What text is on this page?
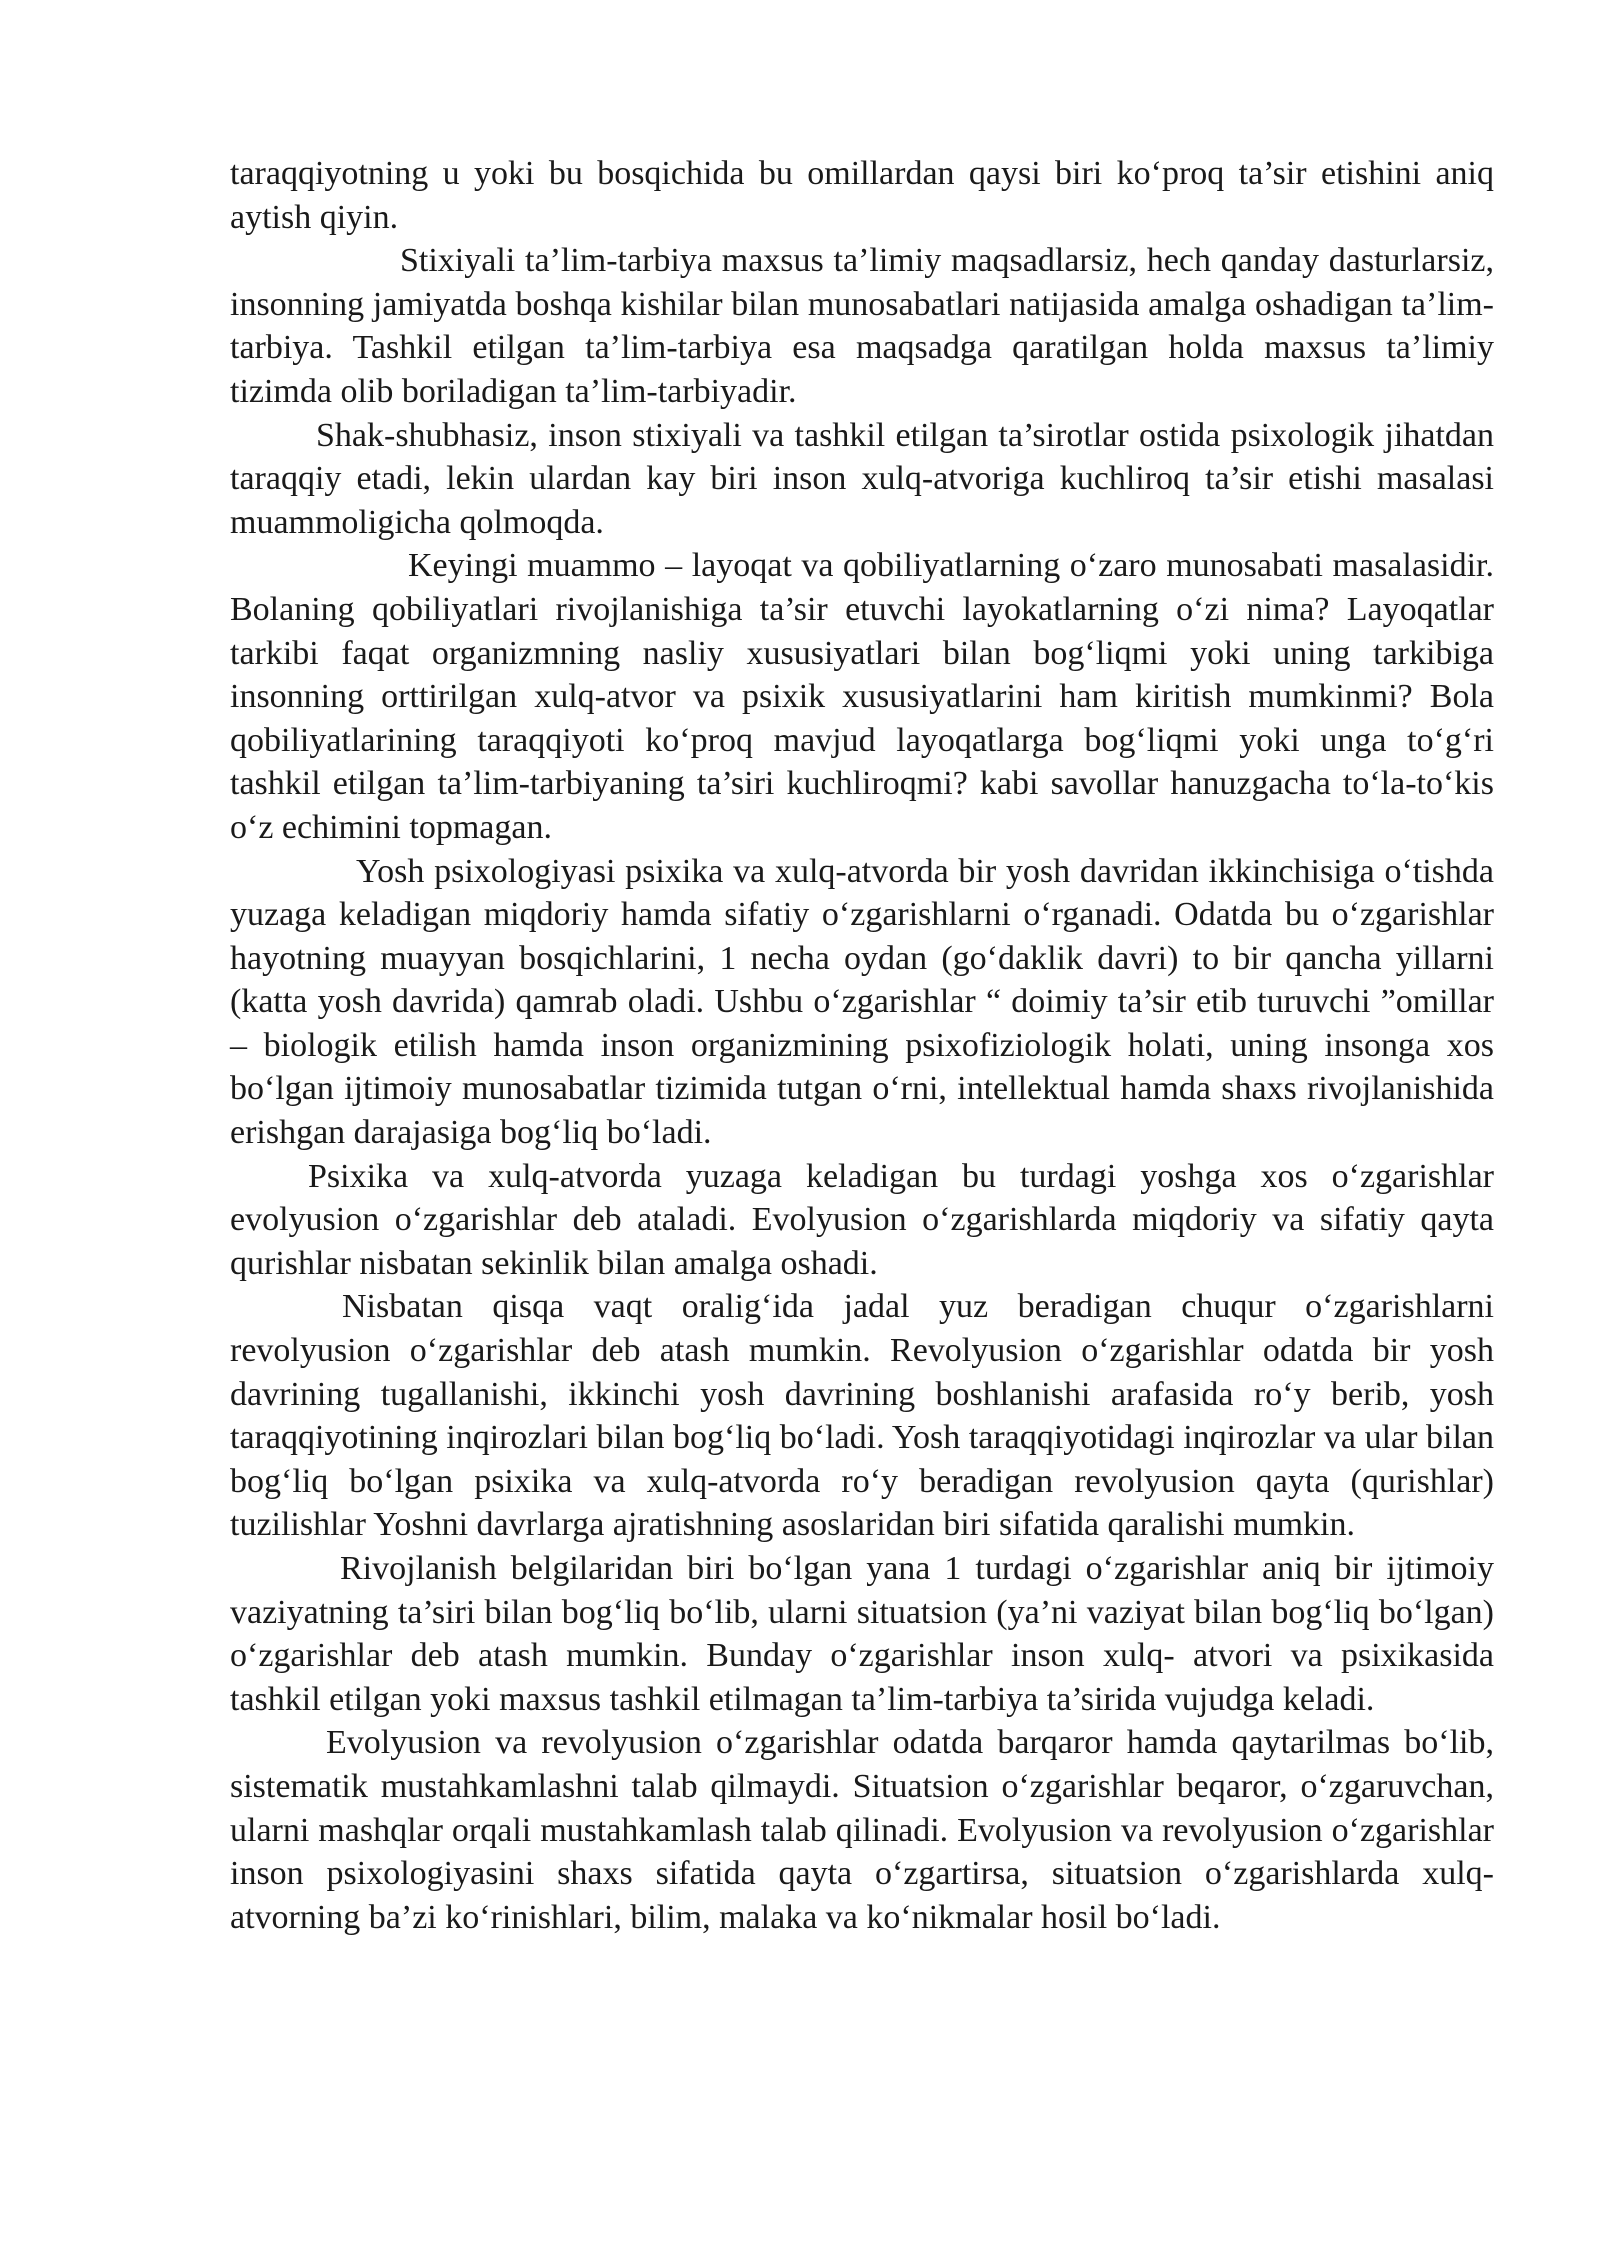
taraqqiyotning u yoki bu bosqichida bu omillardan qaysi biri ko‘proq ta’sir etishini aniq aytish qiyin.

Stixiyali ta’lim-tarbiya maxsus ta’limiy maqsadlarsiz, hech qanday dasturlarsiz, insonning jamiyatda boshqa kishilar bilan munosabatlari natijasida amalga oshadigan ta’lim-tarbiya. Tashkil etilgan ta’lim-tarbiya esa maqsadga qaratilgan holda maxsus ta’limiy tizimda olib boriladigan ta’lim-tarbiyadir.

Shak-shubhasiz, inson stixiyali va tashkil etilgan ta’sirotlar ostida psixologik jihatdan taraqqiy etadi, lekin ulardan kay biri inson xulq-atvoriga kuchliroq ta’sir etishi masalasi muammoligicha qolmoqda.

Keyingi muammo – layoqat va qobiliyatlarning o‘zaro munosabati masalasidir. Bolaning qobiliyatlari rivojlanishiga ta’sir etuvchi layokatlarning o‘zi nima? Layoqatlar tarkibi faqat organizmning nasliy xususiyatlari bilan bog‘liqmi yoki uning tarkibiga insonning orttirilgan xulq-atvor va psixik xususiyatlarini ham kiritish mumkinmi? Bola qobiliyatlarining taraqqiyoti ko‘proq mavjud layoqatlarga bog‘liqmi yoki unga to‘g‘ri tashkil etilgan ta’lim-tarbiyaning ta’siri kuchliroqmi? kabi savollar hanuzgacha to‘la-to‘kis o‘z echimini topmagan.

Yosh psixologiyasi psixika va xulq-atvorda bir yosh davridan ikkinchisiga o‘tishda yuzaga keladigan miqdoriy hamda sifatiy o‘zgarishlarni o‘rganadi. Odatda bu o‘zgarishlar hayotning muayyan bosqichlarini, 1 necha oydan (go‘daklik davri) to bir qancha yillarni (katta yosh davrida) qamrab oladi. Ushbu o‘zgarishlar “ doimiy ta’sir etib turuvchi ”omillar – biologik etilish hamda inson organizmining psixofiziologik holati, uning insonga xos bo‘lgan ijtimoiy munosabatlar tizimida tutgan o‘rni, intellektual hamda shaxs rivojlanishida erishgan darajasiga bog‘liq bo‘ladi.

Psixika va xulq-atvorda yuzaga keladigan bu turdagi yoshga xos o‘zgarishlar evolyusion o‘zgarishlar deb ataladi. Evolyusion o‘zgarishlarda miqdoriy va sifatiy qayta qurishlar nisbatan sekinlik bilan amalga oshadi.

Nisbatan qisqa vaqt oralig‘ida jadal yuz beradigan chuqur o‘zgarishlarni revolyusion o‘zgarishlar deb atash mumkin. Revolyusion o‘zgarishlar odatda bir yosh davrining tugallanishi, ikkinchi yosh davrining boshlanishi arafasida ro‘y berib, yosh taraqqiyotining inqirozlari bilan bog‘liq bo‘ladi. Yosh taraqqiyotidagi inqirozlar va ular bilan bog‘liq bo‘lgan psixika va xulq-atvorda ro‘y beradigan revolyusion qayta (qurishlar) tuzilishlar Yoshni davrlarga ajratishning asoslaridan biri sifatida qaralishi mumkin.

Rivojlanish belgilaridan biri bo‘lgan yana 1 turdagi o‘zgarishlar aniq bir ijtimoiy vaziyatning ta’siri bilan bog‘liq bo‘lib, ularni situatsion (ya’ni vaziyat bilan bog‘liq bo‘lgan) o‘zgarishlar deb atash mumkin. Bunday o‘zgarishlar inson xulq- atvori va psixikasida tashkil etilgan yoki maxsus tashkil etilmagan ta’lim-tarbiya ta’sirida vujudga keladi.

Evolyusion va revolyusion o‘zgarishlar odatda barqaror hamda qaytarilmas bo‘lib, sistematik mustahkamlashni talab qilmaydi. Situatsion o‘zgarishlar beqaror, o‘zgaruvchan, ularni mashqlar orqali mustahkamlash talab qilinadi. Evolyusion va revolyusion o‘zgarishlar inson psixologiyasini shaxs sifatida qayta o‘zgartirsa, situatsion o‘zgarishlarda xulq-atvorning ba’zi ko‘rinishlari, bilim, malaka va ko‘nikmalar hosil bo‘ladi.
